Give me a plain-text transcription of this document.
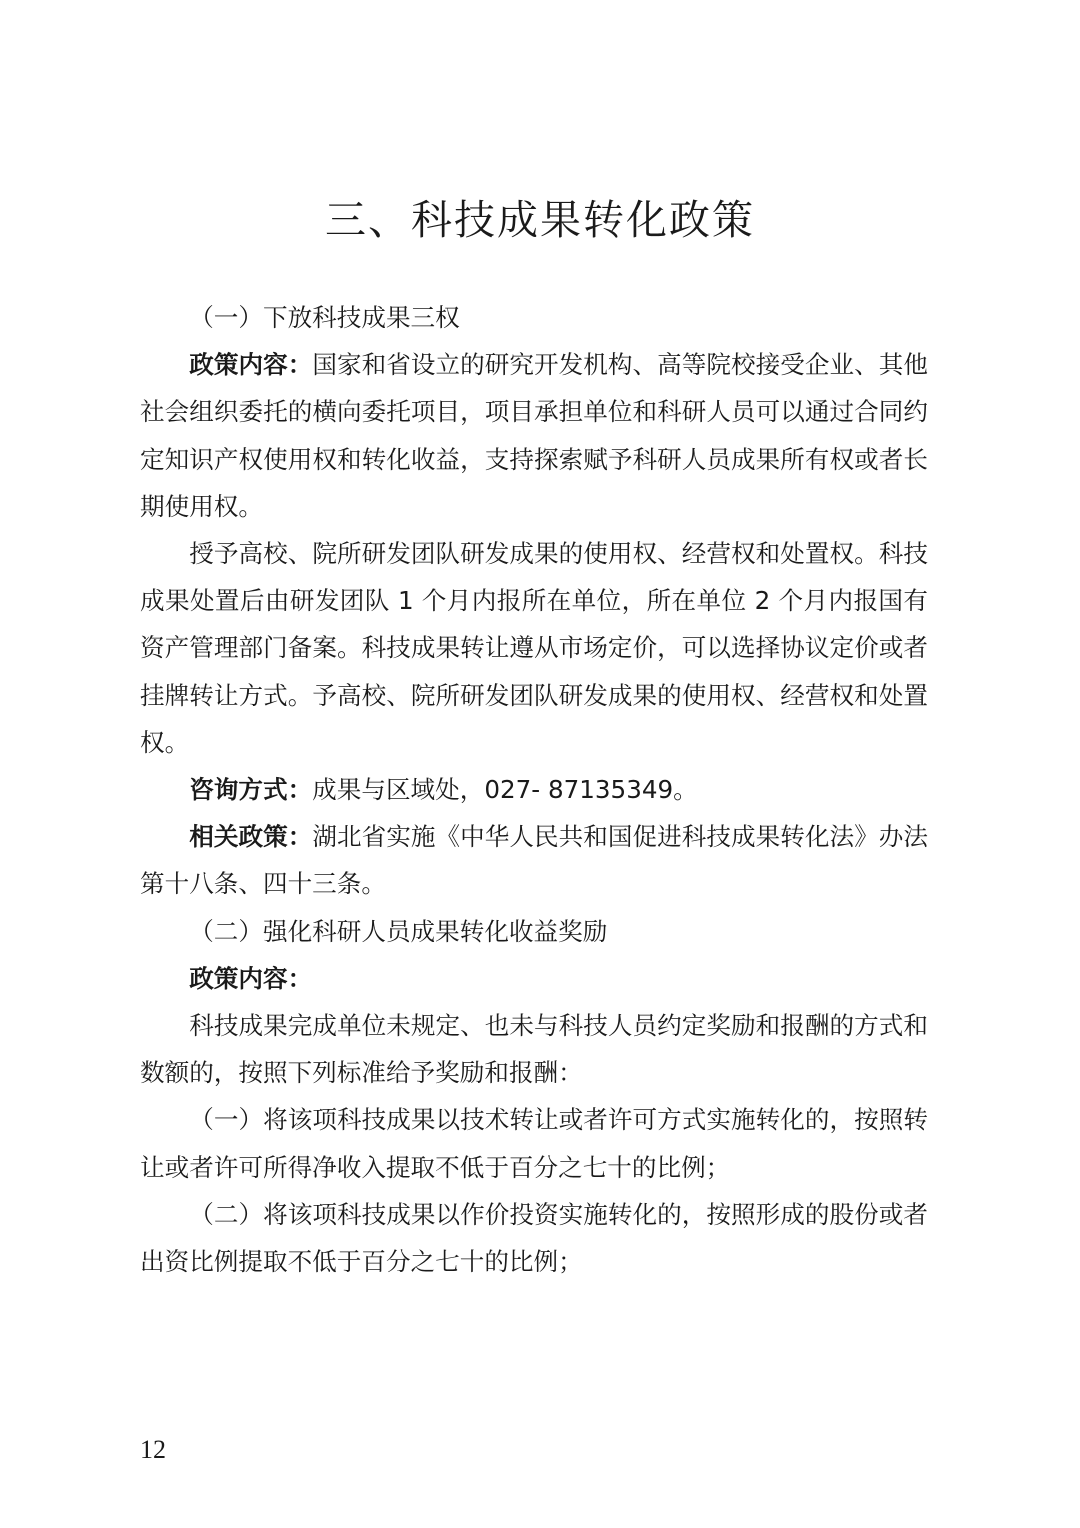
三、科技成果转化政策

（一）下放科技成果三权

政策内容：国家和省设立的研究开发机构、高等院校接受企业、其他社会组织委托的横向委托项目，项目承担单位和科研人员可以通过合同约定知识产权使用权和转化收益，支持探索赋予科研人员成果所有权或者长期使用权。

授予高校、院所研发团队研发成果的使用权、经营权和处置权。科技成果处置后由研发团队 1 个月内报所在单位，所在单位 2 个月内报国有资产管理部门备案。科技成果转让遵从市场定价，可以选择协议定价或者挂牌转让方式。予高校、院所研发团队研发成果的使用权、经营权和处置权。

咨询方式：成果与区域处，027- 87135349。

相关政策：湖北省实施《中华人民共和国促进科技成果转化法》办法第十八条、四十三条。

（二）强化科研人员成果转化收益奖励

政策内容：

科技成果完成单位未规定、也未与科技人员约定奖励和报酬的方式和数额的，按照下列标准给予奖励和报酬：

（一）将该项科技成果以技术转让或者许可方式实施转化的，按照转让或者许可所得净收入提取不低于百分之七十的比例；

（二）将该项科技成果以作价投资实施转化的，按照形成的股份或者出资比例提取不低于百分之七十的比例；

12
